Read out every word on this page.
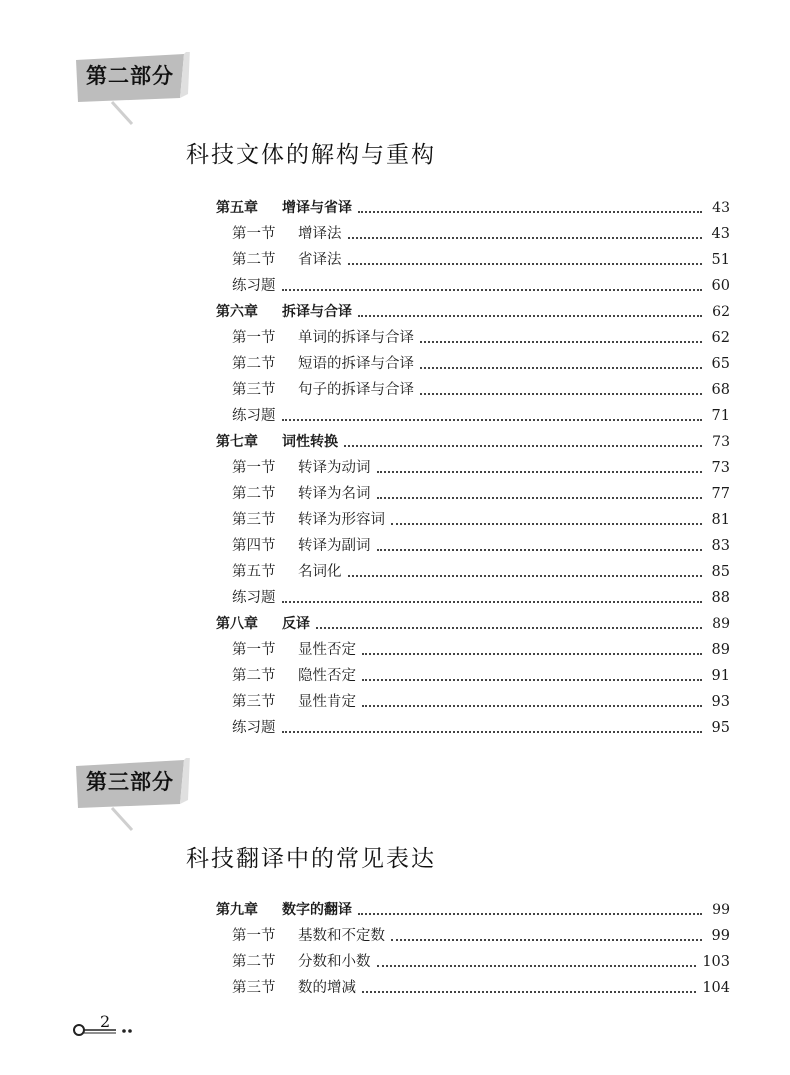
第二部分
科技文体的解构与重构
第三部分
科技翻译中的常见表达
第五章	增译与省译	43
第一节	增译法	43
第二节	省译法	51
练习题	60
第六章	拆译与合译	62
第一节	单词的拆译与合译	62
第二节	短语的拆译与合译	65
第三节	句子的拆译与合译	68
练习题	71
第七章	词性转换	73
第一节	转译为动词	73
第二节	转译为名词	77
第三节	转译为形容词	81
第四节	转译为副词	83
第五节	名词化	85
练习题	88
第八章	反译	89
第一节	显性否定	89
第二节	隐性否定	91
第三节	显性肯定	93
练习题	95
第九章	数字的翻译	99
第一节	基数和不定数	99
第二节	分数和小数	103
第三节	数的增减	104
2
